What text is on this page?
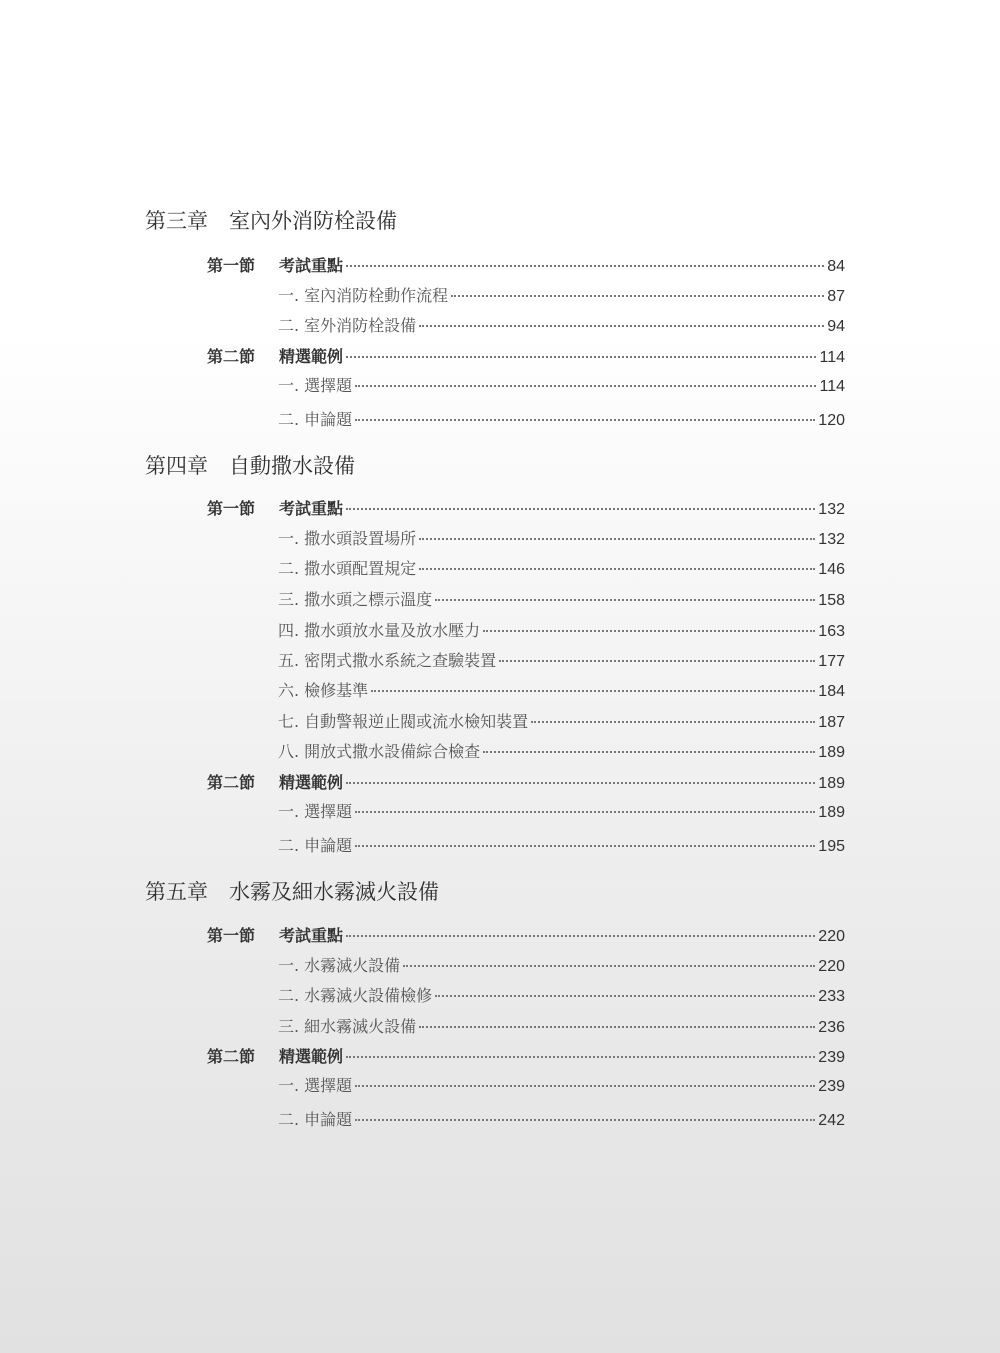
第三章 室內外消防栓設備
第一節	考試重點	84
一. 室內消防栓動作流程	87
二. 室外消防栓設備	94
第二節	精選範例	114
一. 選擇題	114
二. 申論題	120
第四章 自動撒水設備
第一節	考試重點	132
一. 撒水頭設置場所	132
二. 撒水頭配置規定	146
三. 撒水頭之標示溫度	158
四. 撒水頭放水量及放水壓力	163
五. 密閉式撒水系統之查驗裝置	177
六. 檢修基準	184
七. 自動警報逆止閥或流水檢知裝置	187
八. 開放式撒水設備綜合檢查	189
第二節	精選範例	189
一. 選擇題	189
二. 申論題	195
第五章 水霧及細水霧滅火設備
第一節	考試重點	220
一. 水霧滅火設備	220
二. 水霧滅火設備檢修	233
三. 細水霧滅火設備	236
第二節	精選範例	239
一. 選擇題	239
二. 申論題	242
